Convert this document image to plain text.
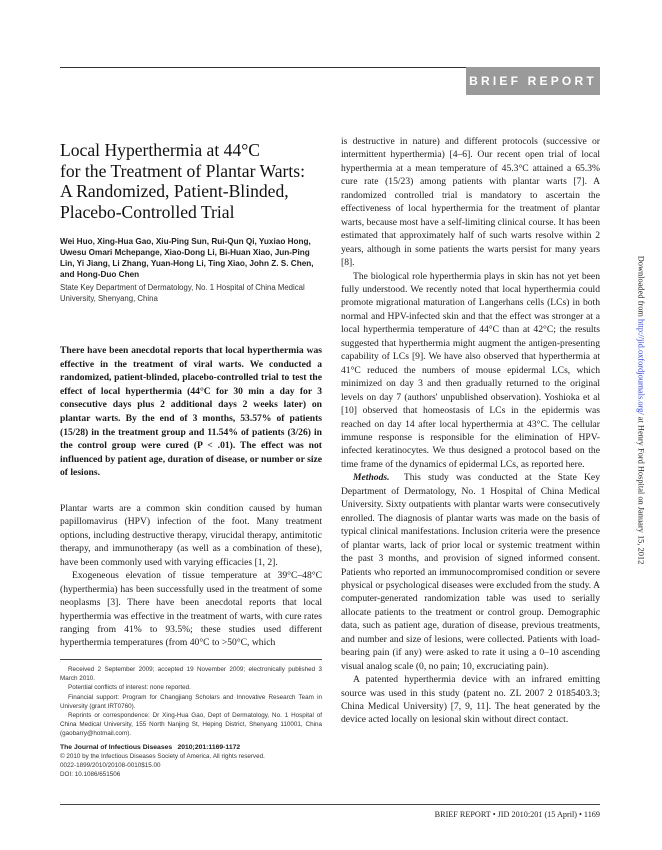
BRIEF REPORT
Local Hyperthermia at 44°C
for the Treatment of Plantar Warts:
A Randomized, Patient-Blinded,
Placebo-Controlled Trial
Wei Huo, Xing-Hua Gao, Xiu-Ping Sun, Rui-Qun Qi, Yuxiao Hong, Uwesu Omari Mchepange, Xiao-Dong Li, Bi-Huan Xiao, Jun-Ping Lin, Yi Jiang, Li Zhang, Yuan-Hong Li, Ting Xiao, John Z. S. Chen, and Hong-Duo Chen
State Key Department of Dermatology, No. 1 Hospital of China Medical University, Shenyang, China
There have been anecdotal reports that local hyperthermia was effective in the treatment of viral warts. We conducted a randomized, patient-blinded, placebo-controlled trial to test the effect of local hyperthermia (44°C for 30 min a day for 3 consecutive days plus 2 additional days 2 weeks later) on plantar warts. By the end of 3 months, 53.57% of patients (15/28) in the treatment group and 11.54% of patients (3/26) in the control group were cured (P < .01). The effect was not influenced by patient age, duration of disease, or number or size of lesions.

Plantar warts are a common skin condition caused by human papillomavirus (HPV) infection of the foot. Many treatment options, including destructive therapy, virucidal therapy, antimitotic therapy, and immunotherapy (as well as a combination of these), have been commonly used with varying efficacies [1, 2].

Exogeneous elevation of tissue temperature at 39°C–48°C (hyperthermia) has been successfully used in the treatment of some neoplasms [3]. There have been anecdotal reports that local hyperthermia was effective in the treatment of warts, with cure rates ranging from 41% to 93.5%; these studies used different hyperthermia temperatures (from 40°C to >50°C, which

Received 2 September 2009; accepted 19 November 2009; electronically published 3 March 2010.

Potential conflicts of interest: none reported.

Financial support: Program for Changjiang Scholars and Innovative Research Team in University (grant IRT0760).

Reprints or correspondence: Dr Xing-Hua Gao, Dept of Dermatology, No. 1 Hospital of China Medical University, 155 North Nanjing St, Heping District, Shenyang 110001, China (gaobarry@hotmail.com).

The Journal of Infectious Diseases 2010;201:1169-1172
© 2010 by the Infectious Diseases Society of America. All rights reserved.
0022-1899/2010/20108-0010$15.00
DOI: 10.1086/651506

is destructive in nature) and different protocols (successive or intermittent hyperthermia) [4–6]. Our recent open trial of local hyperthermia at a mean temperature of 45.3°C attained a 65.3% cure rate (15/23) among patients with plantar warts [7]. A randomized controlled trial is mandatory to ascertain the effectiveness of local hyperthermia for the treatment of plantar warts, because most have a self-limiting clinical course. It has been estimated that approximately half of such warts resolve within 2 years, although in some patients the warts persist for many years [8].

The biological role hyperthermia plays in skin has not yet been fully understood. We recently noted that local hyperthermia could promote migrational maturation of Langerhans cells (LCs) in both normal and HPV-infected skin and that the effect was stronger at a local hyperthermia temperature of 44°C than at 42°C; the results suggested that hyperthermia might augment the antigen-presenting capability of LCs [9]. We have also observed that hyperthermia at 41°C reduced the numbers of mouse epidermal LCs, which minimized on day 3 and then gradually returned to the original levels on day 7 (authors' unpublished observation). Yoshioka et al [10] observed that homeostasis of LCs in the epidermis was reached on day 14 after local hyperthermia at 43°C. The cellular immune response is responsible for the elimination of HPV-infected keratinocytes. We thus designed a protocol based on the time frame of the dynamics of epidermal LCs, as reported here.

Methods. This study was conducted at the State Key Department of Dermatology, No. 1 Hospital of China Medical University. Sixty outpatients with plantar warts were consecutively enrolled. The diagnosis of plantar warts was made on the basis of typical clinical manifestations. Inclusion criteria were the presence of plantar warts, lack of prior local or systemic treatment within the past 3 months, and provision of signed informed consent. Patients who reported an immunocompromised condition or severe physical or psychological diseases were excluded from the study. A computer-generated randomization table was used to serially allocate patients to the treatment or control group. Demographic data, such as patient age, duration of disease, previous treatments, and number and size of lesions, were collected. Patients with load-bearing pain (if any) were asked to rate it using a 0–10 ascending visual analog scale (0, no pain; 10, excruciating pain).

A patented hyperthermia device with an infrared emitting source was used in this study (patent no. ZL 2007 2 0185403.3; China Medical University) [7, 9, 11]. The heat generated by the device acted locally on lesional skin without direct contact.

BRIEF REPORT • JID 2010:201 (15 April) • 1169
Downloaded from http://jid.oxfordjournals.org/ at Henry Ford Hospital on January 15, 2012
